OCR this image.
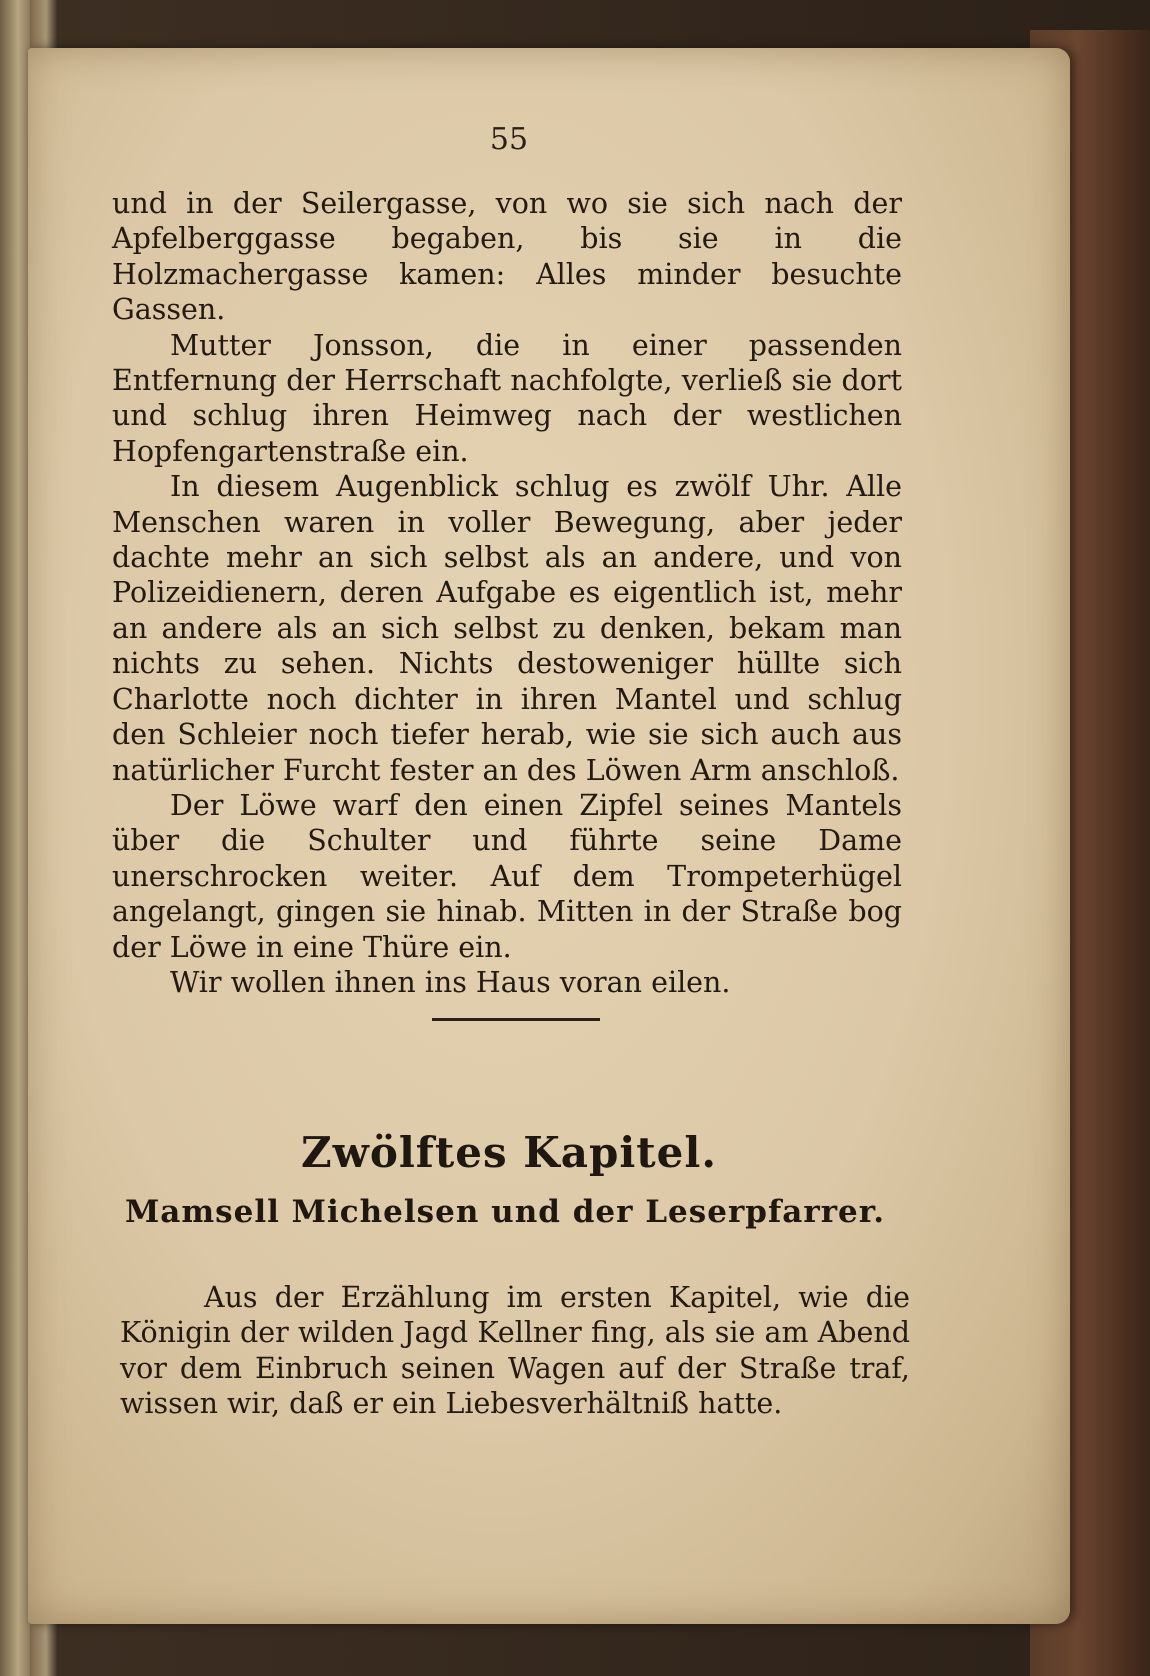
55

und in der Seilergasse, von wo sie sich nach der Apfelberggasse begaben, bis sie in die Holzmachergasse kamen: Alles minder besuchte Gassen.

Mutter Jonsson, die in einer passenden Entfernung der Herrschaft nachfolgte, verließ sie dort und schlug ihren Heimweg nach der westlichen Hopfengartenstraße ein.

In diesem Augenblick schlug es zwölf Uhr. Alle Menschen waren in voller Bewegung, aber jeder dachte mehr an sich selbst als an andere, und von Polizeidienern, deren Aufgabe es eigentlich ist, mehr an andere als an sich selbst zu denken, bekam man nichts zu sehen. Nichts destoweniger hüllte sich Charlotte noch dichter in ihren Mantel und schlug den Schleier noch tiefer herab, wie sie sich auch aus natürlicher Furcht fester an des Löwen Arm anschloß.

Der Löwe warf den einen Zipfel seines Mantels über die Schulter und führte seine Dame unerschrocken weiter. Auf dem Trompeterhügel angelangt, gingen sie hinab. Mitten in der Straße bog der Löwe in eine Thüre ein.

Wir wollen ihnen ins Haus voran eilen.

Zwölftes Kapitel.
Mamsell Michelsen und der Leserpfarrer.

Aus der Erzählung im ersten Kapitel, wie die Königin der wilden Jagd Kellner fing, als sie am Abend vor dem Einbruch seinen Wagen auf der Straße traf, wissen wir, daß er ein Liebesverhältniß hatte.
